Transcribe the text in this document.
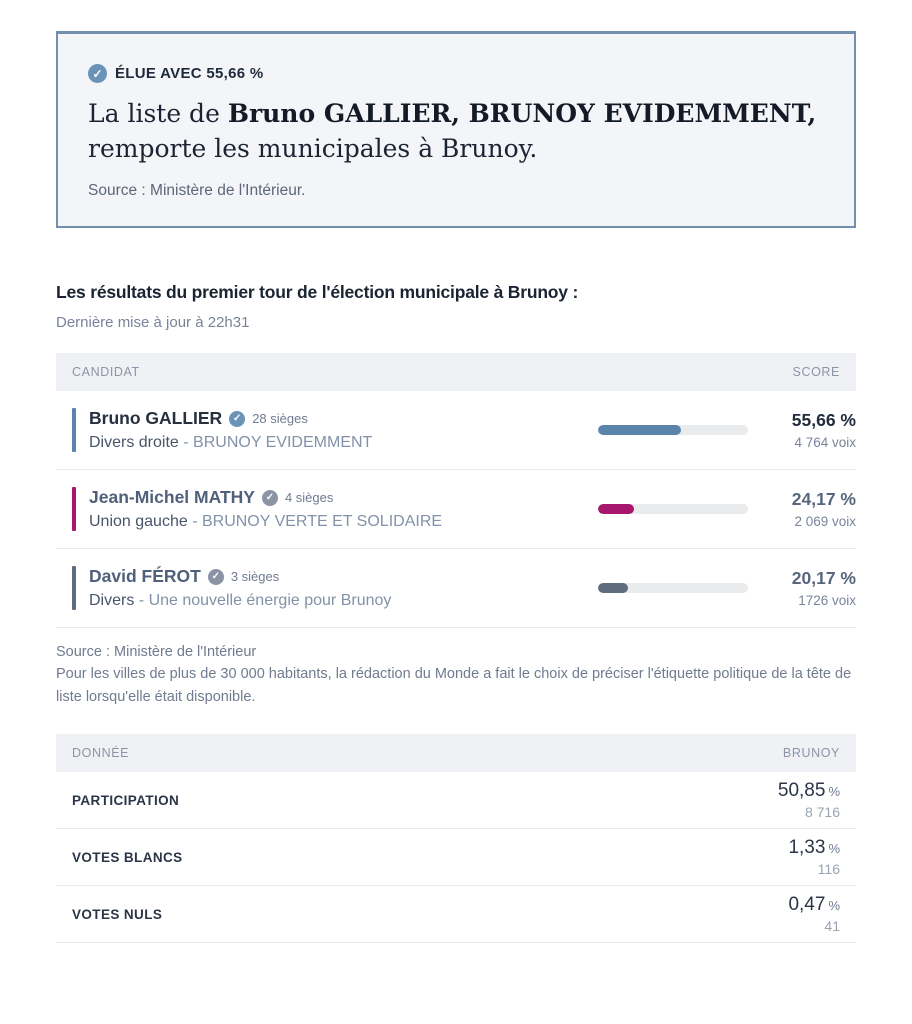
✓ ÉLUE AVEC 55,66 %
La liste de Bruno GALLIER, BRUNOY EVIDEMMENT, remporte les municipales à Brunoy.
Source : Ministère de l'Intérieur.
Les résultats du premier tour de l'élection municipale à Brunoy :
Dernière mise à jour à 22h31
CANDIDAT	SCORE
Bruno GALLIER	✓ 28 sièges
Divers droite - BRUNOY EVIDEMMENT
55,66 %
4 764 voix
Jean-Michel MATHY	✓ 4 sièges
Union gauche - BRUNOY VERTE ET SOLIDAIRE
24,17 %
2 069 voix
David FÉROT	✓ 3 sièges
Divers - Une nouvelle énergie pour Brunoy
20,17 %
1726 voix
Source : Ministère de l'Intérieur
Pour les villes de plus de 30 000 habitants, la rédaction du Monde a fait le choix de préciser l'étiquette politique de la tête de liste lorsqu'elle était disponible.
DONNÉE	BRUNOY
PARTICIPATION	50,85 %
8 716
VOTES BLANCS	1,33 %
116
VOTES NULS	0,47 %
41
